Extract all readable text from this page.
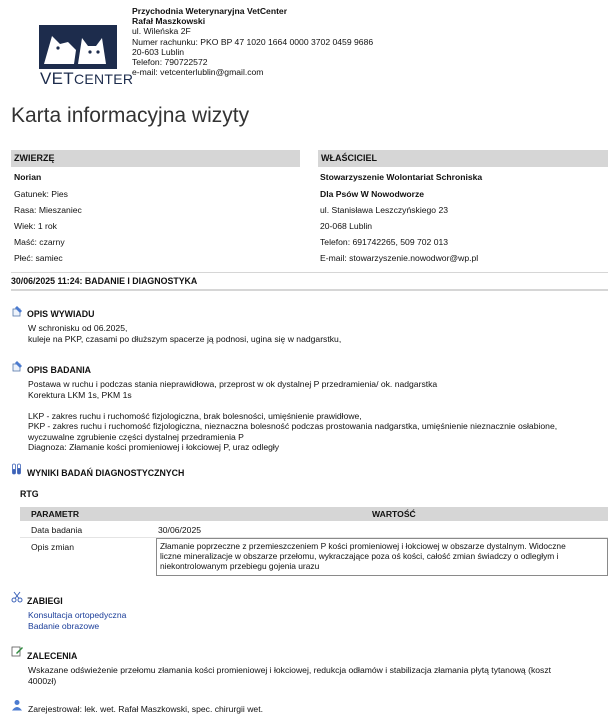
VETCENTER
Przychodnia Weterynaryjna VetCenter
Rafał Maszkowski
ul. Wileńska 2F
Numer rachunku: PKO BP 47 1020 1664 0000 3702 0459 9686
20-603 Lublin
Telefon: 790722572
e-mail: vetcenterlublin@gmail.com
Karta informacyjna wizyty
ZWIERZĘ	WŁAŚCICIEL
Norian
Gatunek: Pies
Rasa: Mieszaniec
Wiek: 1 rok
Maść: czarny
Płeć: samiec
Stowarzyszenie Wolontariat Schroniska
Dla Psów W Nowodworze
ul. Stanisława Leszczyńskiego 23
20-068 Lublin
Telefon: 691742265, 509 702 013
E-mail: stowarzyszenie.nowodwor@wp.pl
30/06/2025 11:24: BADANIE I DIAGNOSTYKA
OPIS WYWIADU
W schronisku od 06.2025,
kuleje na PKP, czasami po dłuższym spacerze ją podnosi, ugina się w nadgarstku,
OPIS BADANIA
Postawa w ruchu i podczas stania nieprawidłowa, przeprost w ok dystalnej P przedramienia/ ok. nadgarstka
Korektura LKM 1s, PKM 1s
LKP - zakres ruchu i ruchomość fizjologiczna, brak bolesności, umięśnienie prawidłowe,
PKP - zakres ruchu i ruchomość fizjologiczna, nieznaczna bolesność podczas prostowania nadgarstka, umięśnienie nieznacznie osłabione,
wyczuwalne zgrubienie części dystalnej przedramienia P
Diagnoza: Złamanie kości promieniowej i łokciowej P, uraz odległy
WYNIKI BADAŃ DIAGNOSTYCZNYCH
RTG
PARAMETR	WARTOŚĆ
Data badania	30/06/2025
Opis zmian	Złamanie poprzeczne z przemieszczeniem P kości promieniowej i łokciowej w obszarze dystalnym. Widoczne
liczne mineralizacje w obszarze przełomu, wykraczające poza oś kości, całość zmian świadczy o odległym i
niekontrolowanym przebiegu gojenia urazu
ZABIEGI
Konsultacja ortopedyczna
Badanie obrazowe
ZALECENIA
Wskazane odświeżenie przełomu złamania kości promieniowej i łokciowej, redukcja odłamów i stabilizacja złamania płytą tytanową (koszt
4000zł)
Zarejestrował: lek. wet. Rafał Maszkowski, spec. chirurgii wet.
